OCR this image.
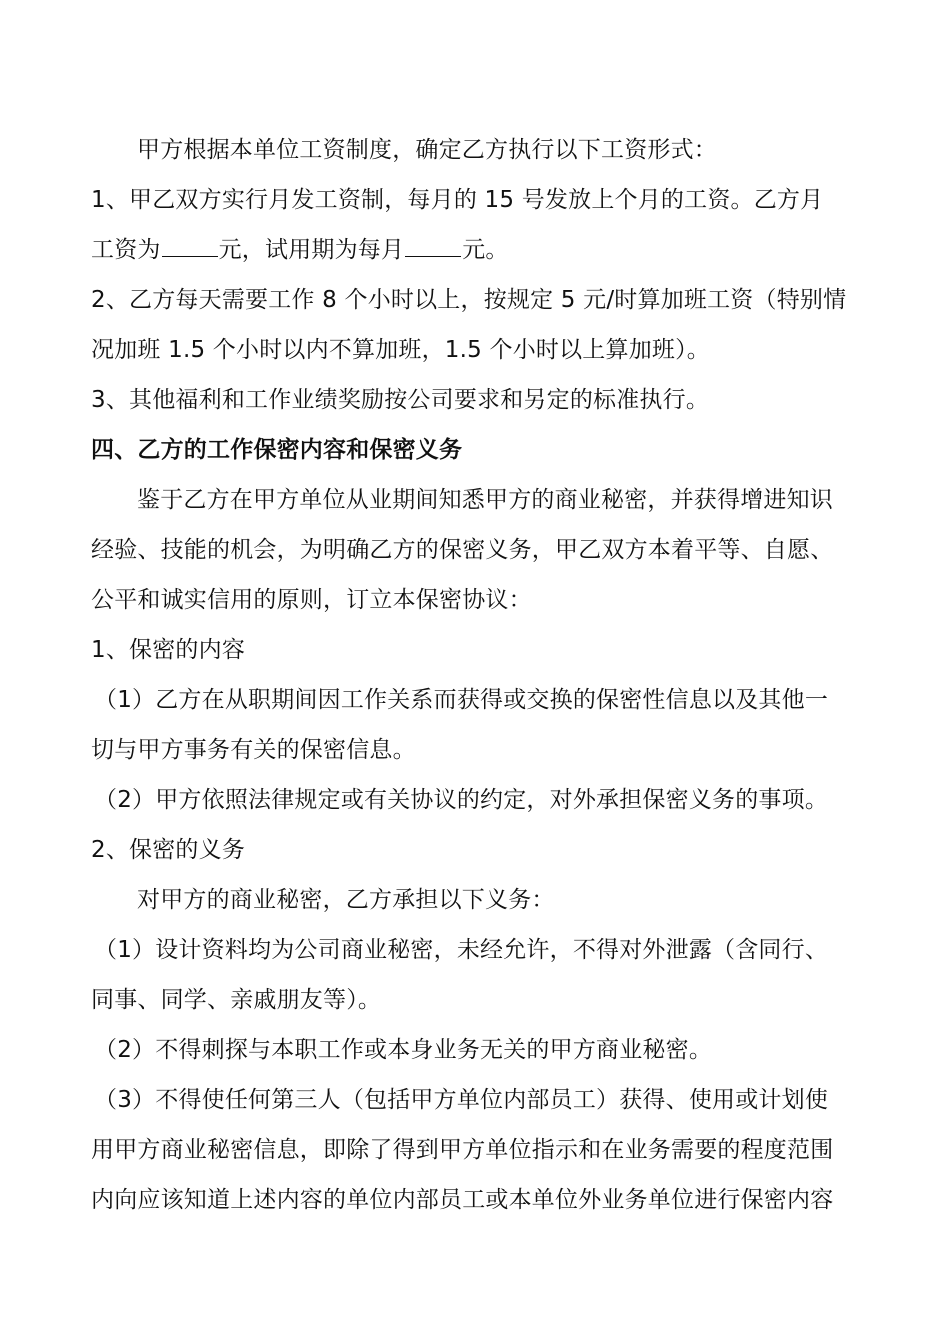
甲方根据本单位工资制度，确定乙方执行以下工资形式：
1、甲乙双方实行月发工资制，每月的 15 号发放上个月的工资。乙方月
工资为	元，试用期为每月	元。
2、乙方每天需要工作 8 个小时以上，按规定 5 元/时算加班工资（特别情
况加班 1.5 个小时以内不算加班，1.5 个小时以上算加班）。
3、其他福利和工作业绩奖励按公司要求和另定的标准执行。
四、乙方的工作保密内容和保密义务
鉴于乙方在甲方单位从业期间知悉甲方的商业秘密，并获得增进知识
经验、技能的机会，为明确乙方的保密义务，甲乙双方本着平等、自愿、
公平和诚实信用的原则，订立本保密协议：
1、保密的内容
（1）乙方在从职期间因工作关系而获得或交换的保密性信息以及其他一
切与甲方事务有关的保密信息。
（2）甲方依照法律规定或有关协议的约定，对外承担保密义务的事项。
2、保密的义务
对甲方的商业秘密，乙方承担以下义务：
（1）设计资料均为公司商业秘密，未经允许，不得对外泄露（含同行、
同事、同学、亲戚朋友等）。
（2）不得刺探与本职工作或本身业务无关的甲方商业秘密。
（3）不得使任何第三人（包括甲方单位内部员工）获得、使用或计划使
用甲方商业秘密信息，即除了得到甲方单位指示和在业务需要的程度范围
内向应该知道上述内容的单位内部员工或本单位外业务单位进行保密内容
